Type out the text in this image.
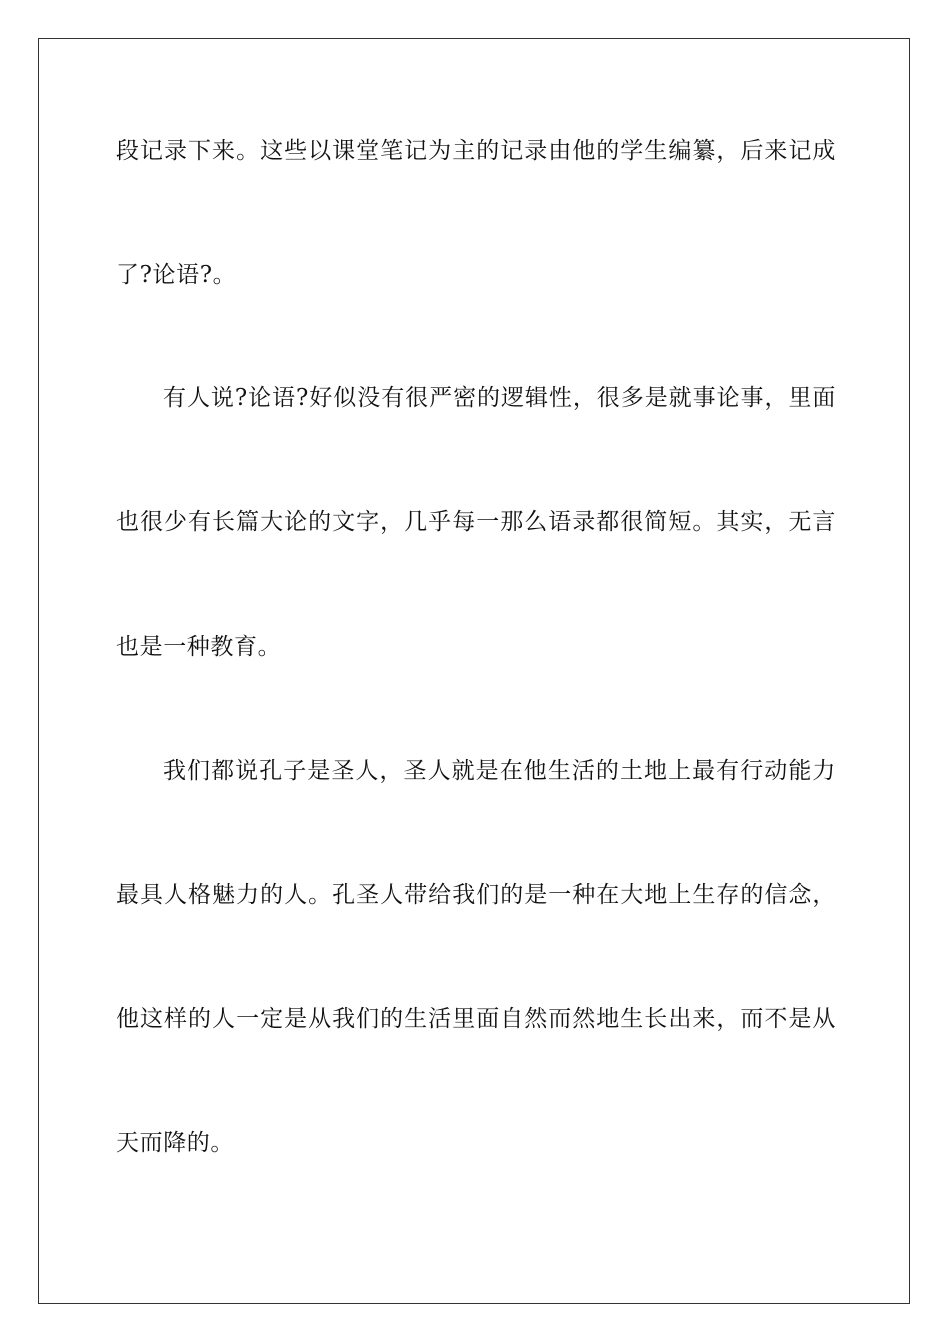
段记录下来。这些以课堂笔记为主的记录由他的学生编纂，后来记成
了?论语?。
有人说?论语?好似没有很严密的逻辑性，很多是就事论事，里面
也很少有长篇大论的文字，几乎每一那么语录都很简短。其实，无言
也是一种教育。
我们都说孔子是圣人，圣人就是在他生活的土地上最有行动能力
最具人格魅力的人。孔圣人带给我们的是一种在大地上生存的信念，
他这样的人一定是从我们的生活里面自然而然地生长出来，而不是从
天而降的。
